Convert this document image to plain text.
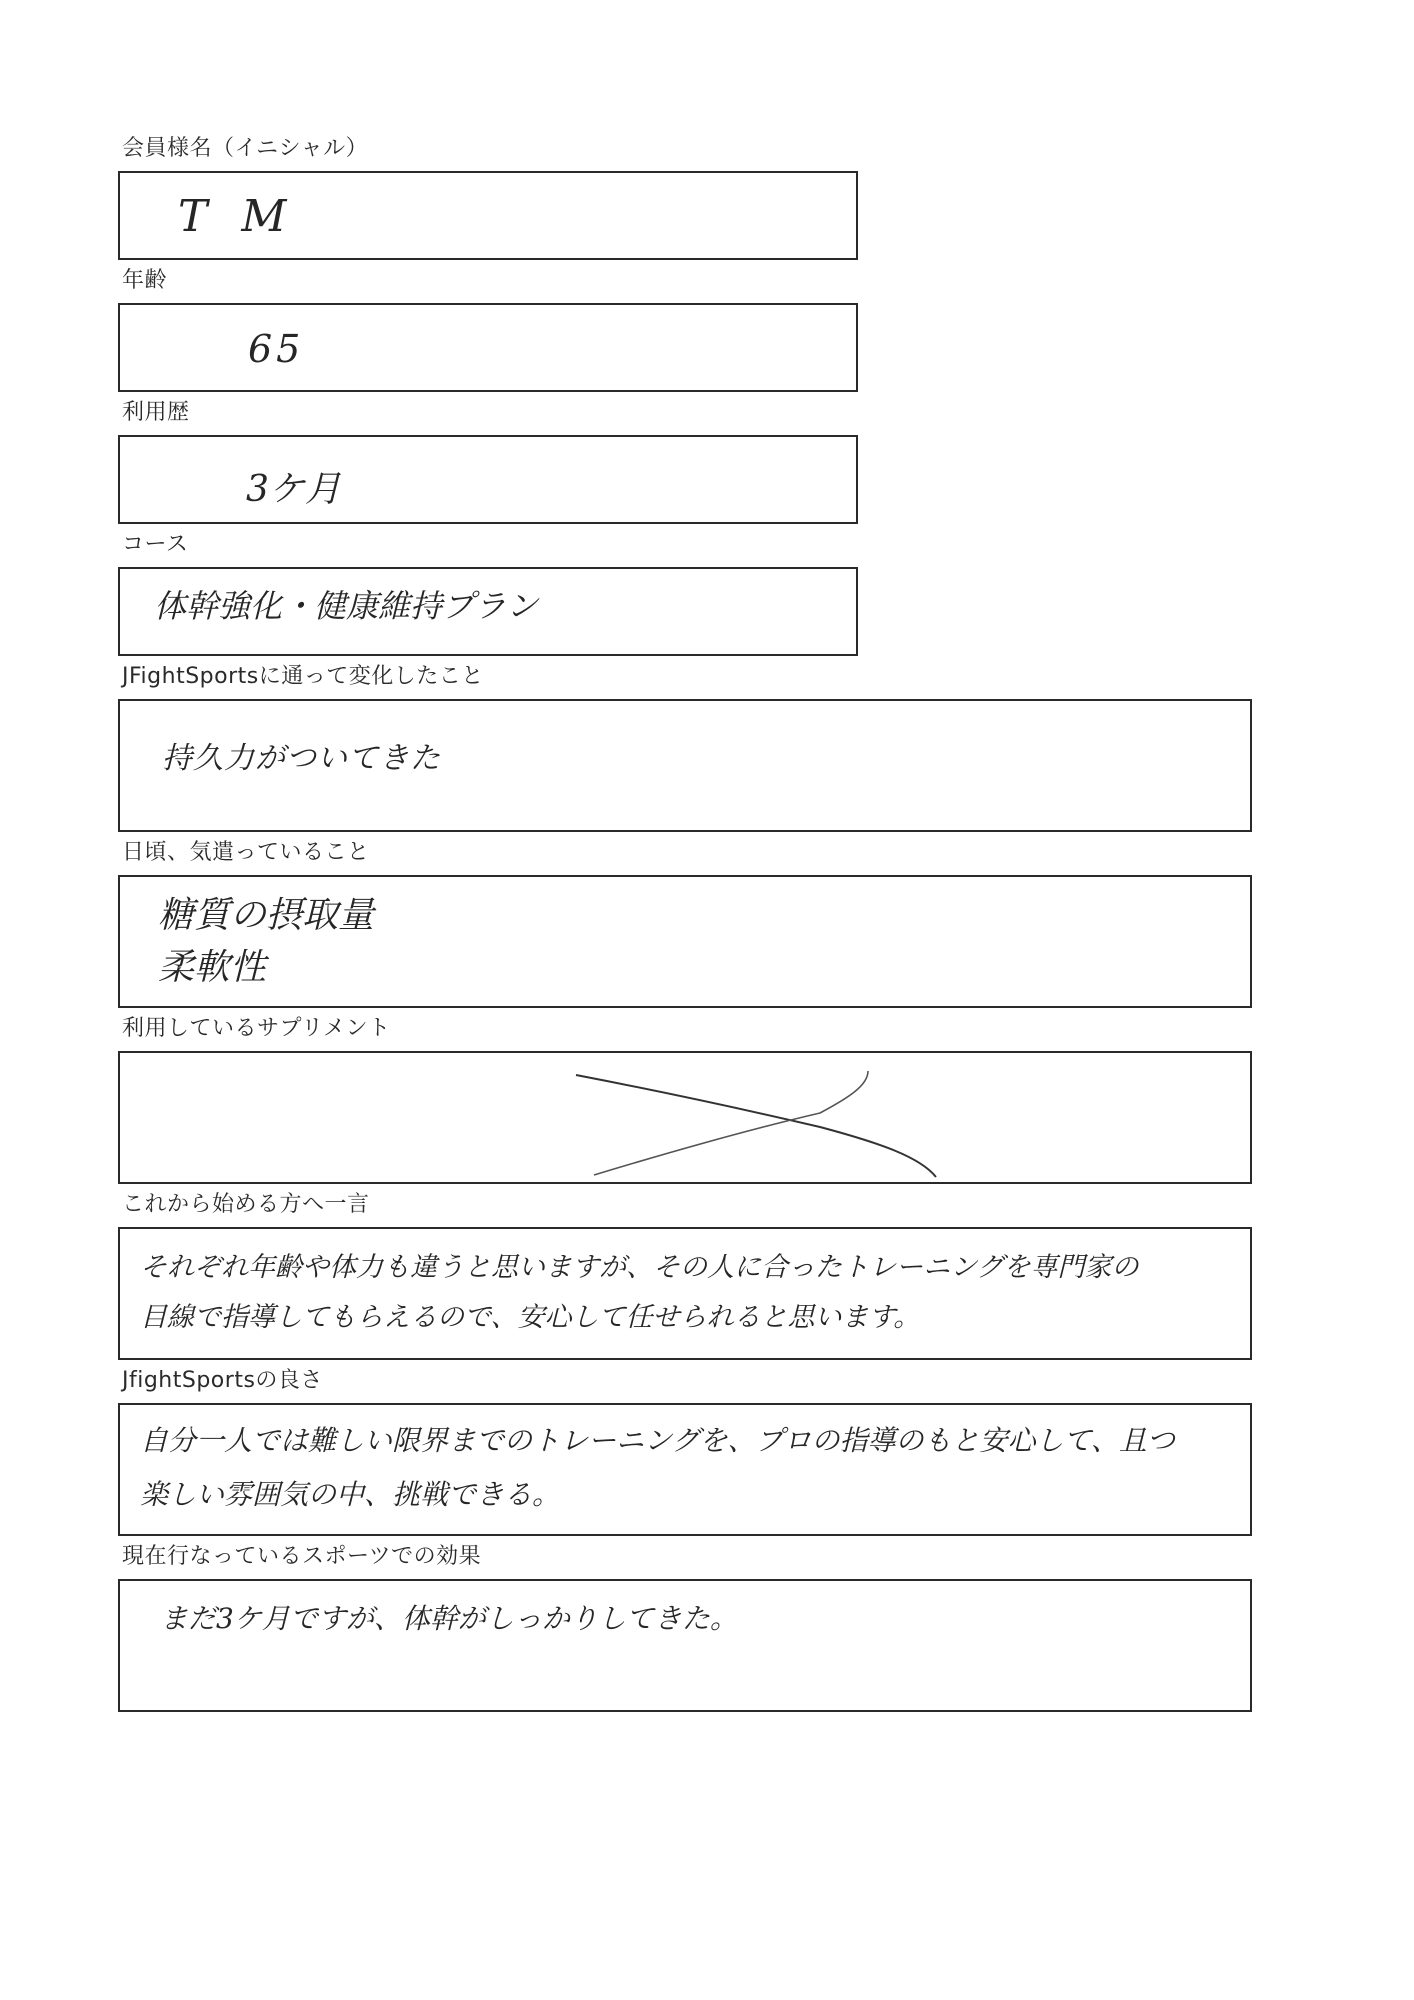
会員様名（イニシャル）
T M
年齢
65
利用歴
3ケ月
コース
体幹強化・健康維持プラン
JFightSportsに通って変化したこと
持久力がついてきた
日頃、気遣っていること
糖質の摂取量
柔軟性
利用しているサプリメント
これから始める方へ一言
それぞれ年齢や体力も違うと思いますが、その人に合ったトレーニングを専門家の
目線で指導してもらえるので、安心して任せられると思います。
JfightSportsの良さ
自分一人では難しい限界までのトレーニングを、プロの指導のもと安心して、且つ
楽しい雰囲気の中、挑戦できる。
現在行なっているスポーツでの効果
まだ3ケ月ですが、体幹がしっかりしてきた。
